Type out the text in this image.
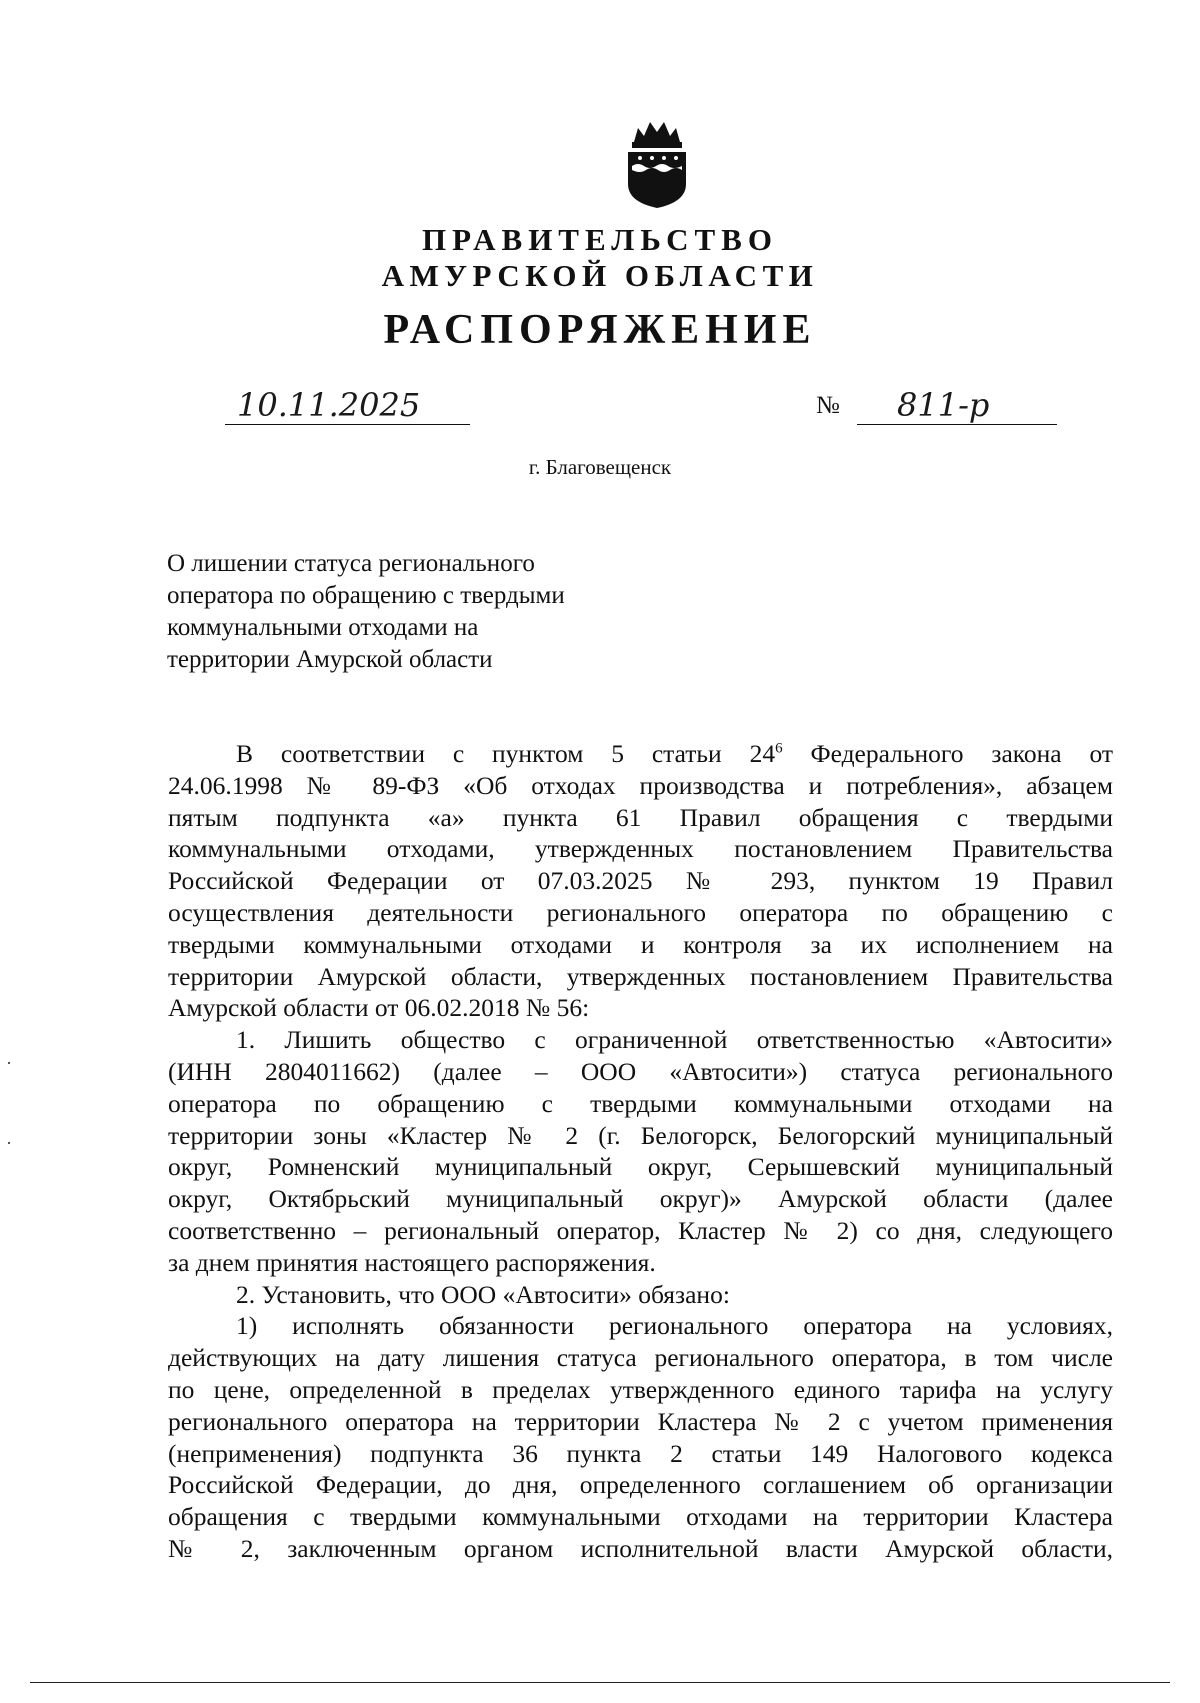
ПРАВИТЕЛЬСТВО
АМУРСКОЙ ОБЛАСТИ
РАСПОРЯЖЕНИЕ
10.11.2025	№ 811-р
г. Благовещенск
О лишении статуса регионального
оператора по обращению с твердыми
коммунальными отходами на
территории Амурской области
В соответствии с пунктом 5 статьи $24^6$ Федерального закона от
24.06.1998 № 89-ФЗ «Об отходах производства и потребления», абзацем
пятым подпункта «а» пункта 61 Правил обращения с твердыми
коммунальными отходами, утвержденных постановлением Правительства
Российской Федерации от 07.03.2025 № 293, пунктом 19 Правил
осуществления деятельности регионального оператора по обращению с
твердыми коммунальными отходами и контроля за их исполнением на
территории Амурской области, утвержденных постановлением Правительства
Амурской области от 06.02.2018 № 56:
1. Лишить общество с ограниченной ответственностью «Автосити»
(ИНН 2804011662) (далее – ООО «Автосити») статуса регионального
оператора по обращению с твердыми коммунальными отходами на
территории зоны «Кластер № 2 (г. Белогорск, Белогорский муниципальный
округ, Ромненский муниципальный округ, Серышевский муниципальный
округ, Октябрьский муниципальный округ)» Амурской области (далее
соответственно – региональный оператор, Кластер № 2) со дня, следующего
за днем принятия настоящего распоряжения.
2. Установить, что ООО «Автосити» обязано:
1) исполнять обязанности регионального оператора на условиях,
действующих на дату лишения статуса регионального оператора, в том числе
по цене, определенной в пределах утвержденного единого тарифа на услугу
регионального оператора на территории Кластера № 2 с учетом применения
(неприменения) подпункта 36 пункта 2 статьи 149 Налогового кодекса
Российской Федерации, до дня, определенного соглашением об организации
обращения с твердыми коммунальными отходами на территории Кластера
№ 2, заключенным органом исполнительной власти Амурской области,
